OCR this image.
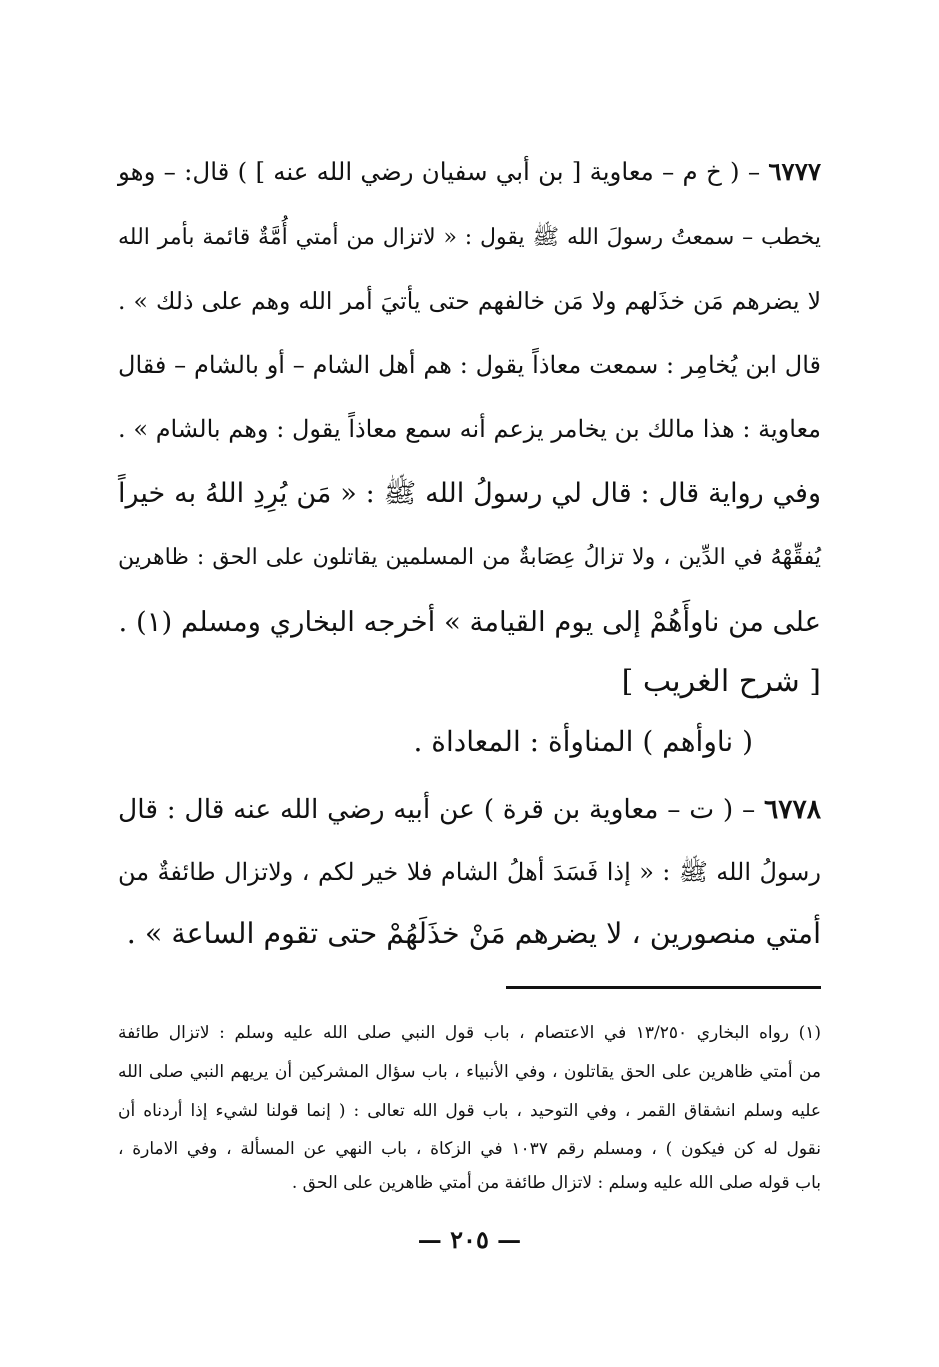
٦٧٧٧ – ( خ م – معاوية [ بن أبي سفيان رضي الله عنه ] ) قال: – وهو
يخطب – سمعتُ رسولَ الله ﷺ يقول : « لاتزال من أمتي أُمَّةٌ قائمة بأمر الله
لا يضرهم مَن خذَلهم ولا مَن خالفهم حتى يأتيَ أمر الله وهم على ذلك » .
قال ابن يُخامِر : سمعت معاذاً يقول : هم أهل الشام – أو بالشام – فقال
معاوية : هذا مالك بن يخامر يزعم أنه سمع معاذاً يقول : وهم بالشام » .
وفي رواية قال : قال لي رسولُ الله ﷺ : « مَن يُرِدِ اللهُ به خيراً
يُفقِّهْهُ في الدِّين ، ولا تزالُ عِصَابةٌ من المسلمين يقاتلون على الحق : ظاهرين
على من ناوأَهُمْ إلى يوم القيامة » أخرجه البخاري ومسلم (١) .
[ شرح الغريب ]
( ناوأهم ) المناوأة : المعاداة .
٦٧٧٨ – ( ت – معاوية بن قرة ) عن أبيه رضي الله عنه قال : قال
رسولُ الله ﷺ : « إذا فَسَدَ أهلُ الشام فلا خير لكم ، ولاتزال طائفةٌ من
أمتي منصورين ، لا يضرهم مَنْ خذَلَهُمْ حتى تقوم الساعة » .
(١) رواه البخاري ١٣/٢٥٠ في الاعتصام ، باب قول النبي صلى الله عليه وسلم : لاتزال طائفة
من أمتي ظاهرين على الحق يقاتلون ، وفي الأنبياء ، باب سؤال المشركين أن يريهم النبي صلى الله
عليه وسلم انشقاق القمر ، وفي التوحيد ، باب قول الله تعالى : ( إنما قولنا لشيء إذا أردناه أن
نقول له كن فيكون ) ، ومسلم رقم ١٠٣٧ في الزكاة ، باب النهي عن المسألة ، وفي الامارة ،
باب قوله صلى الله عليه وسلم : لاتزال طائفة من أمتي ظاهرين على الحق .
— ٢٠٥ —
